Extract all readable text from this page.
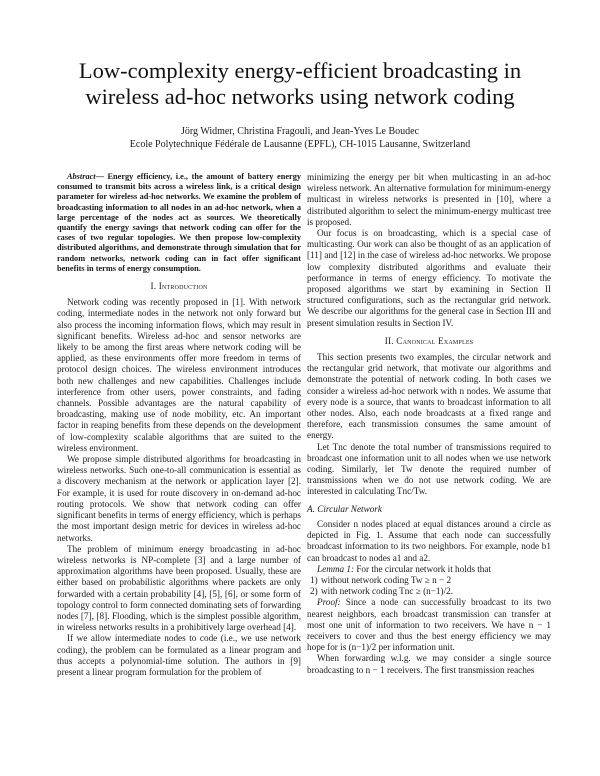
Low-complexity energy-efficient broadcasting in wireless ad-hoc networks using network coding
Jörg Widmer, Christina Fragouli, and Jean-Yves Le Boudec
Ecole Polytechnique Fédérale de Lausanne (EPFL), CH-1015 Lausanne, Switzerland

Abstract— Energy efficiency, i.e., the amount of battery energy consumed to transmit bits across a wireless link, is a critical design parameter for wireless ad-hoc networks. We examine the problem of broadcasting information to all nodes in an ad-hoc network, when a large percentage of the nodes act as sources. We theoretically quantify the energy savings that network coding can offer for the cases of two regular topologies. We then propose low-complexity distributed algorithms, and demonstrate through simulation that for random networks, network coding can in fact offer significant benefits in terms of energy consumption.

I. Introduction

Network coding was recently proposed in [1]. With network coding, intermediate nodes in the network not only forward but also process the incoming information flows, which may result in significant benefits. Wireless ad-hoc and sensor networks are likely to be among the first areas where network coding will be applied, as these environments offer more freedom in terms of protocol design choices. The wireless environment introduces both new challenges and new capabilities. Challenges include interference from other users, power constraints, and fading channels. Possible advantages are the natural capability of broadcasting, making use of node mobility, etc. An important factor in reaping benefits from these depends on the development of low-complexity scalable algorithms that are suited to the wireless environment.

We propose simple distributed algorithms for broadcasting in wireless networks. Such one-to-all communication is essential as a discovery mechanism at the network or application layer [2]. For example, it is used for route discovery in on-demand ad-hoc routing protocols. We show that network coding can offer significant benefits in terms of energy efficiency, which is perhaps the most important design metric for devices in wireless ad-hoc networks.

The problem of minimum energy broadcasting in ad-hoc wireless networks is NP-complete [3] and a large number of approximation algorithms have been proposed. Usually, these are either based on probabilistic algorithms where packets are only forwarded with a certain probability [4], [5], [6], or some form of topology control to form connected dominating sets of forwarding nodes [7], [8]. Flooding, which is the simplest possible algorithm, in wireless networks results in a prohibitively large overhead [4].

If we allow intermediate nodes to code (i.e., we use network coding), the problem can be formulated as a linear program and thus accepts a polynomial-time solution. The authors in [9] present a linear program formulation for the problem of

minimizing the energy per bit when multicasting in an ad-hoc wireless network. An alternative formulation for minimum-energy multicast in wireless networks is presented in [10], where a distributed algorithm to select the minimum-energy multicast tree is proposed.

Our focus is on broadcasting, which is a special case of multicasting. Our work can also be thought of as an application of [11] and [12] in the case of wireless ad-hoc networks. We propose low complexity distributed algorithms and evaluate their performance in terms of energy efficiency. To motivate the proposed algorithms we start by examining in Section II structured configurations, such as the rectangular grid network. We describe our algorithms for the general case in Section III and present simulation results in Section IV.

II. Canonical Examples

This section presents two examples, the circular network and the rectangular grid network, that motivate our algorithms and demonstrate the potential of network coding. In both cases we consider a wireless ad-hoc network with n nodes. We assume that every node is a source, that wants to broadcast information to all other nodes. Also, each node broadcasts at a fixed range and therefore, each transmission consumes the same amount of energy.

Let Tnc denote the total number of transmissions required to broadcast one information unit to all nodes when we use network coding. Similarly, let Tw denote the required number of transmissions when we do not use network coding. We are interested in calculating Tnc/Tw.

A. Circular Network

Consider n nodes placed at equal distances around a circle as depicted in Fig. 1. Assume that each node can successfully broadcast information to its two neighbors. For example, node b1 can broadcast to nodes a1 and a2.

Lemma 1: For the circular network it holds that

1) without network coding Tw ≥ n − 2
2) with network coding Tnc ≥ (n−1)/2.

Proof: Since a node can successfully broadcast to its two nearest neighbors, each broadcast transmission can transfer at most one unit of information to two receivers. We have n − 1 receivers to cover and thus the best energy efficiency we may hope for is (n−1)/2 per information unit.

When forwarding w.l.g. we may consider a single source broadcasting to n − 1 receivers. The first transmission reaches
